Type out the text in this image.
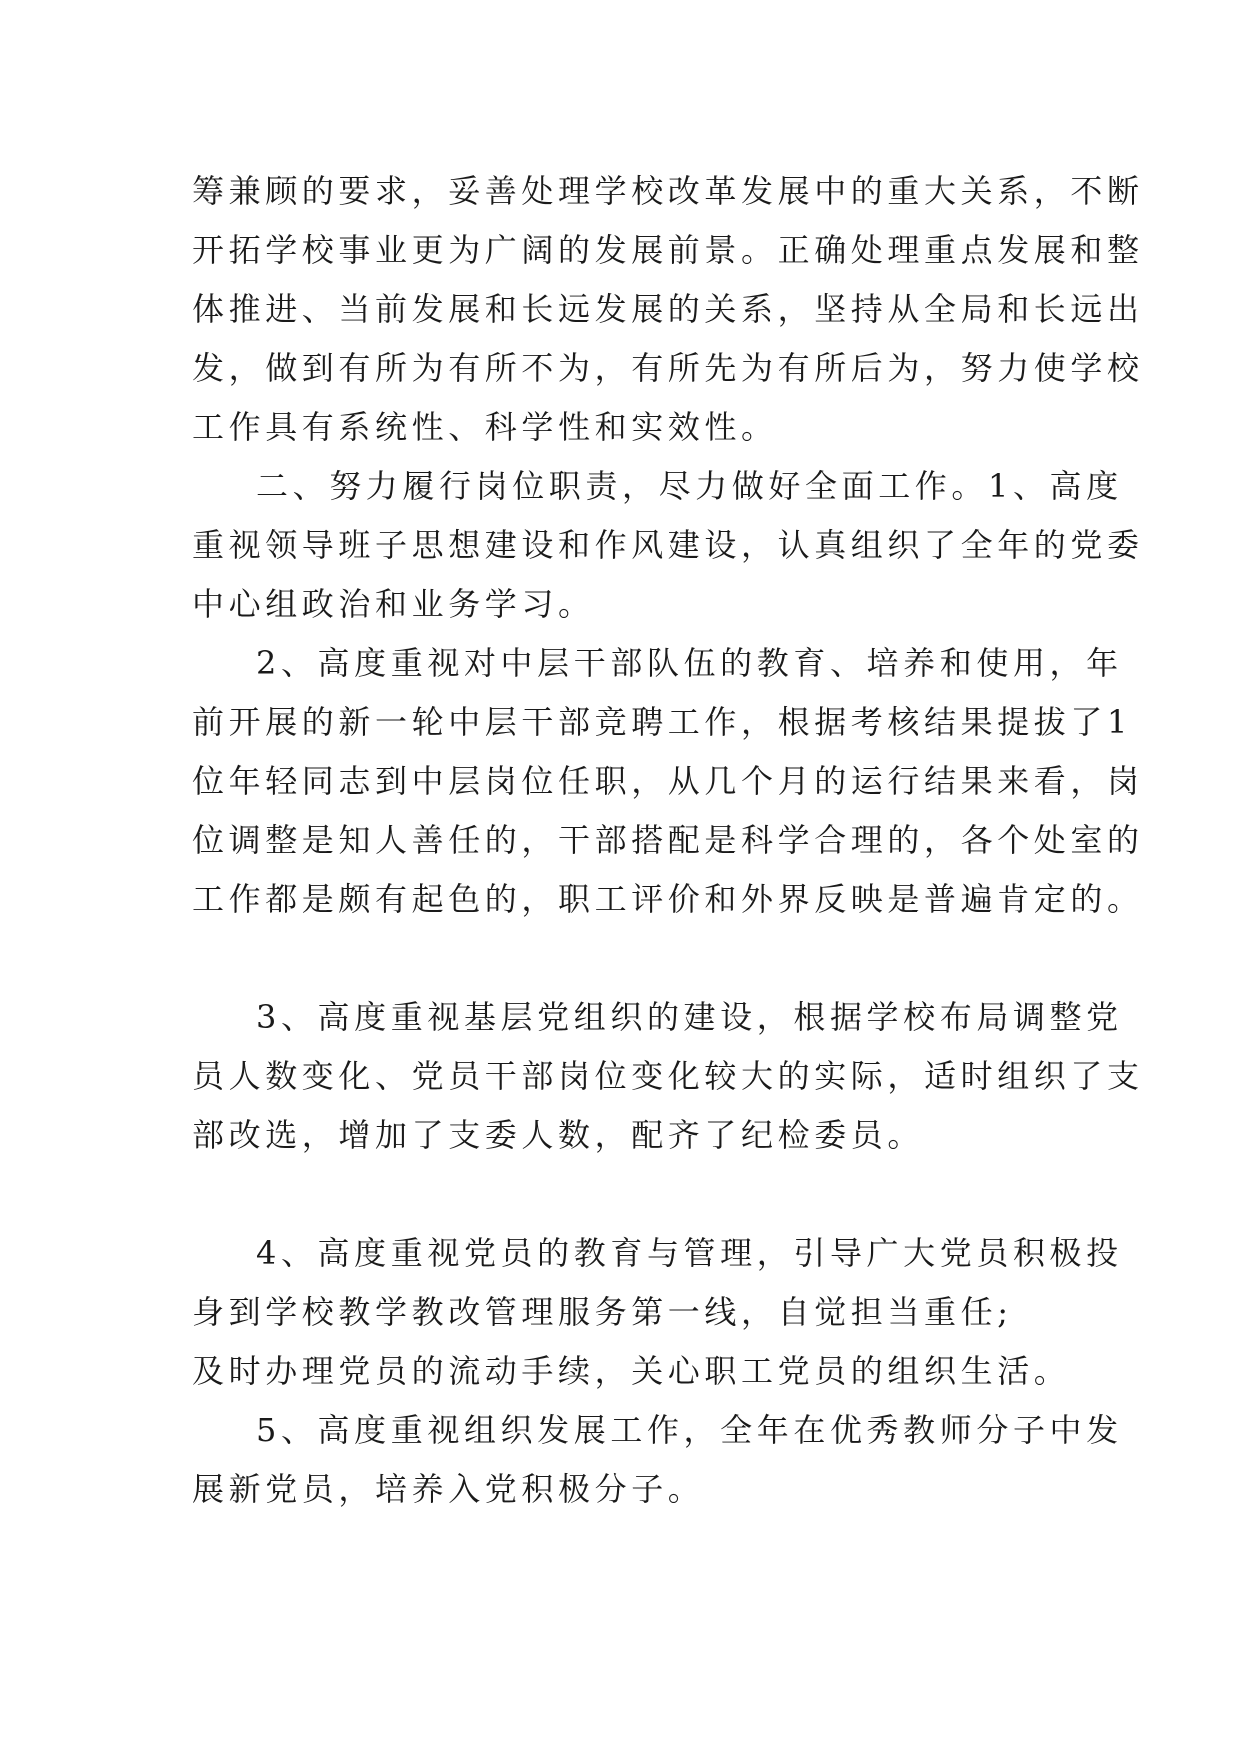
筹兼顾的要求，妥善处理学校改革发展中的重大关系，不断
开拓学校事业更为广阔的发展前景。正确处理重点发展和整
体推进、当前发展和长远发展的关系，坚持从全局和长远出
发，做到有所为有所不为，有所先为有所后为，努力使学校
工作具有系统性、科学性和实效性。
二、努力履行岗位职责，尽力做好全面工作。1、高度
重视领导班子思想建设和作风建设，认真组织了全年的党委
中心组政治和业务学习。
2、高度重视对中层干部队伍的教育、培养和使用，年
前开展的新一轮中层干部竞聘工作，根据考核结果提拔了1
位年轻同志到中层岗位任职，从几个月的运行结果来看，岗
位调整是知人善任的，干部搭配是科学合理的，各个处室的
工作都是颇有起色的，职工评价和外界反映是普遍肯定的。
3、高度重视基层党组织的建设，根据学校布局调整党
员人数变化、党员干部岗位变化较大的实际，适时组织了支
部改选，增加了支委人数，配齐了纪检委员。
4、高度重视党员的教育与管理，引导广大党员积极投
身到学校教学教改管理服务第一线，自觉担当重任;
及时办理党员的流动手续，关心职工党员的组织生活。
5、高度重视组织发展工作，全年在优秀教师分子中发
展新党员，培养入党积极分子。
